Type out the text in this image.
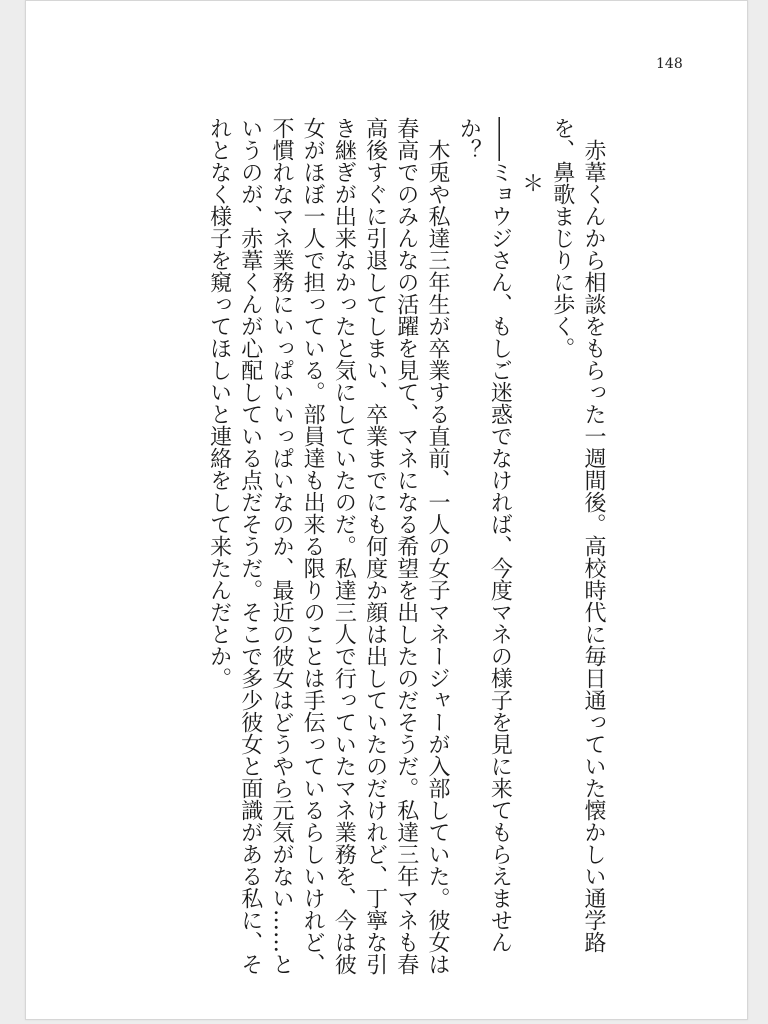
148

赤葦くんから相談をもらった一週間後。高校時代に毎日通っていた懐かしい通学路を、鼻歌まじりに歩く。

＊

――ミョウジさん、もしご迷惑でなければ、今度マネの様子を見に来てもらえませんか？

木兎や私達三年生が卒業する直前、一人の女子マネージャーが入部していた。彼女は春高でのみんなの活躍を見て、マネになる希望を出したのだそうだ。私達三年マネも春高後すぐに引退してしまい、卒業までにも何度か顔は出していたのだけれど、丁寧な引き継ぎが出来なかったと気にしていたのだ。私達三人で行っていたマネ業務を、今は彼女がほぼ一人で担っている。部員達も出来る限りのことは手伝っているらしいけれど、不慣れなマネ業務にいっぱいいっぱいなのか、最近の彼女はどうやら元気がない……というのが、赤葦くんが心配している点だそうだ。そこで多少彼女と面識がある私に、それとなく様子を窺ってほしいと連絡をして来たんだとか。
